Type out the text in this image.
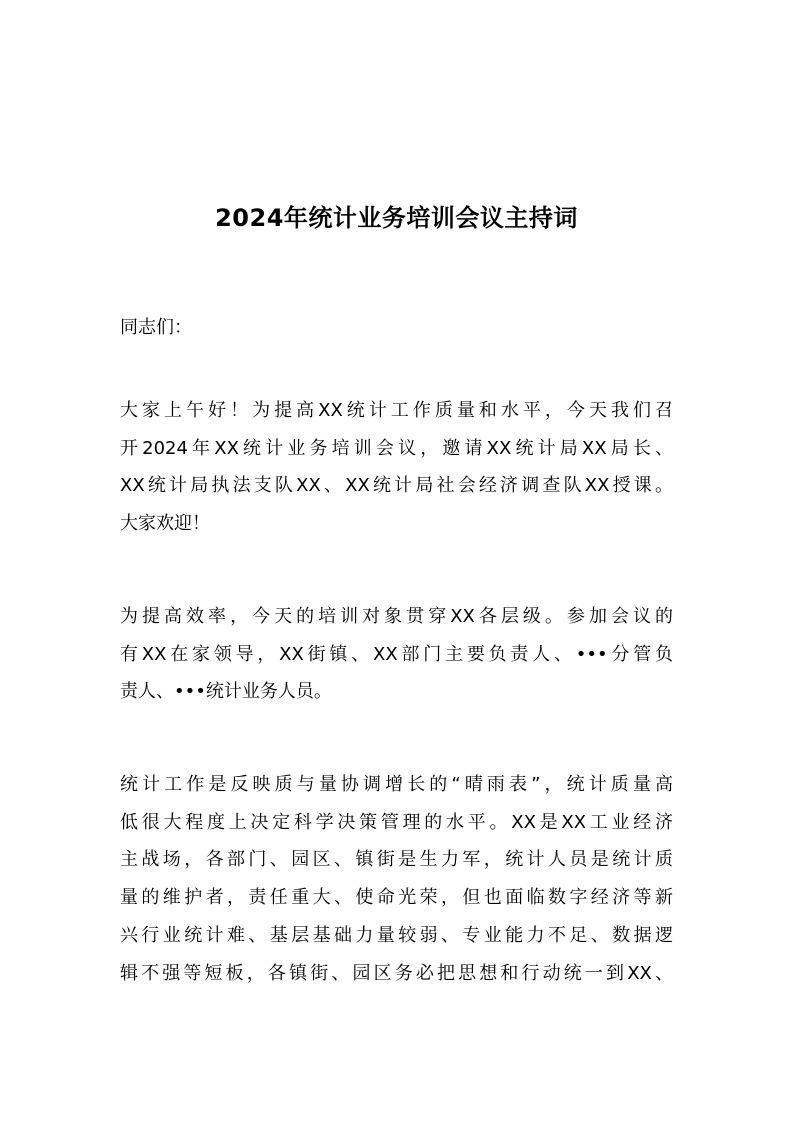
2024年统计业务培训会议主持词
同志们：
大家上午好！为提高XX统计工作质量和水平，今天我们召
开2024年XX统计业务培训会议，邀请XX统计局XX局长、
XX统计局执法支队XX、XX统计局社会经济调查队XX授课。
大家欢迎！
为提高效率，今天的培训对象贯穿XX各层级。参加会议的
有XX在家领导，XX街镇、XX部门主要负责人、•••分管负
责人、•••统计业务人员。
统计工作是反映质与量协调增长的“晴雨表”，统计质量高
低很大程度上决定科学决策管理的水平。XX是XX工业经济
主战场，各部门、园区、镇街是生力军，统计人员是统计质
量的维护者，责任重大、使命光荣，但也面临数字经济等新
兴行业统计难、基层基础力量较弱、专业能力不足、数据逻
辑不强等短板，各镇街、园区务必把思想和行动统一到XX、
